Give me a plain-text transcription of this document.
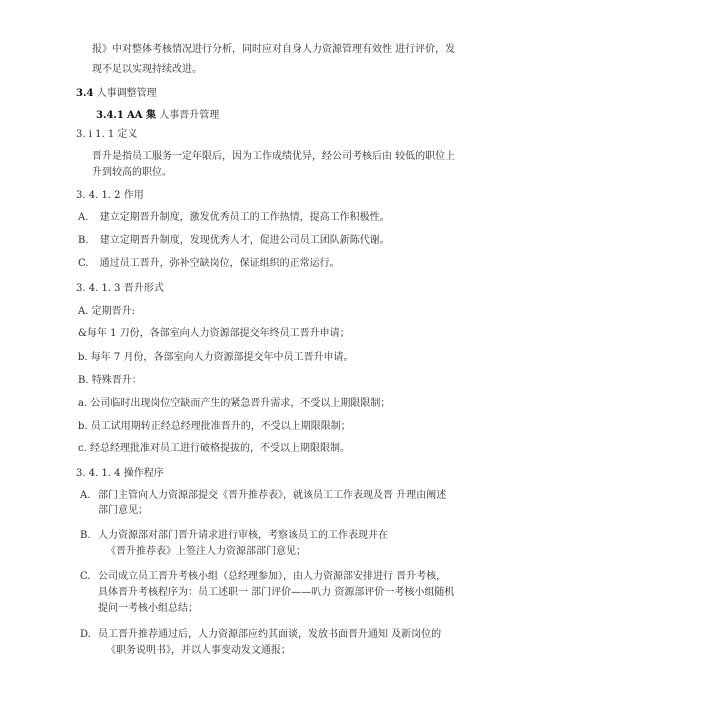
报》中对整体考核情况进行分析，同时应对自身人力资源管理有效性 进行评价，发
现不足以实现持续改进。
3.4 人事调整管理
3.4.1 AA 集 人事晋升管理
3. ⅰ 1. 1 定义
晋升是指员工服务一定年限后，因为工作成绩优异，经公司考核后由 较低的职位上
升到较高的职位。
3. 4. 1. 2 作用
A. 建立定期晋升制度，激发优秀员工的工作热情，提高工作积极性。
B. 建立定期晋升制度，发现优秀人才，促进公司员工团队新陈代谢。
C. 通过员工晋升，弥补空缺岗位，保证组织的正常运行。
3. 4. 1. 3 晋升形式
A. 定期晋升:
&每年 1 刀份，各部室向人力资源部提交年终员工晋升申请；
b. 每年 7 月份，各部室向人力资源部提交年中员工晋升申请。
B. 特殊晋升：
a. 公司临时出现岗位空缺而产生的紧急晋升需求，不受以上期限限制；
b. 员工试用期转正经总经理批准晋升的，不受以上期限限制；
c. 经总经理批准对员工进行破格提拔的，不受以上期限限制。
3. 4. 1. 4 操作程序
A. 部门主管向人力资源部提交《晋升推荐表》，就该员工工作表现及晋 升理由阐述
部门意见；
B. 人力资源部对部门晋升请求进行审核，考察该员工的工作表现并在
《晋升推荐表》上签注人力资源部部门意见；
C. 公司成立员工晋升考核小组（总经理参加），由人力资源部安排进行 晋升考核，
具体晋升考核程序为：员工述职一 部门评价——叭力 资源部评价一考核小组随机
提问一考核小组总结；
D. 员工晋升推荐通过后，人力资源部应约其面谈，发放书面晋升通知 及新岗位的
《职务说明书》，并以人事变动发文通报；
